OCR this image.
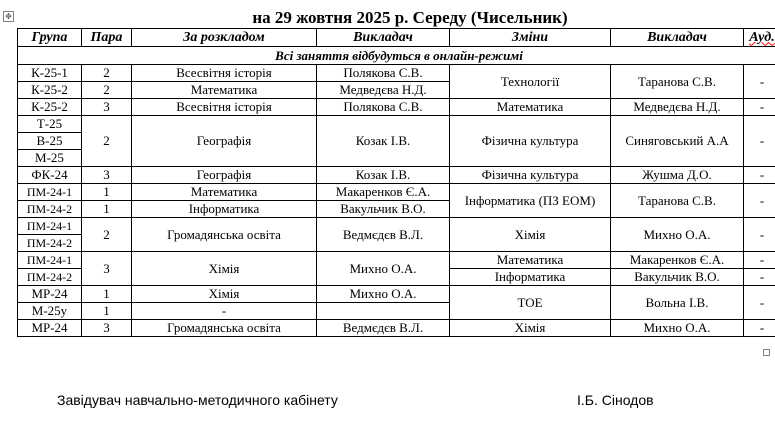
✥	на 29 жовтня 2025 р. Середу (Чисельник)
Група	Пара	За розкладом	Викладач	Зміни	Викладач	Ауд.
Всі заняття відбудуться в онлайн-режимі						
К-25-1	2	Всесвітня історія	Полякова С.В.	Технології	Таранова С.В.	-
К-25-2	2	Математика	Медведєва Н.Д.			
К-25-2	3	Всесвітня історія	Полякова С.В.	Математика	Медведєва Н.Д.	-
Т-25	2	Географія	Козак І.В.	Фізична культура	Синяговський А.А	-
В-25						
М-25						
ФК-24	3	Географія	Козак І.В.	Фізична культура	Жушма Д.О.	-
ПМ-24-1	1	Математика	Макаренков Є.А.	Інформатика (ПЗ ЕОМ)	Таранова С.В.	-
ПМ-24-2	1	Інформатика	Вакульчик В.О.			
ПМ-24-1	2	Громадянська освіта	Ведмєдєв В.Л.	Хімія	Михно О.А.	-
ПМ-24-2						
ПМ-24-1	3	Хімія	Михно О.А.	Математика	Макаренков Є.А.	-
ПМ-24-2				Інформатика	Вакульчик В.О.	-
МР-24	1	Хімія	Михно О.А.	ТОЕ	Вольна І.В.	-
М-25у	1	-				
МР-24	3	Громадянська освіта	Ведмєдєв В.Л.	Хімія	Михно О.А.	-
Завідувач навчально-методичного кабінету	І.Б. Сінодов
